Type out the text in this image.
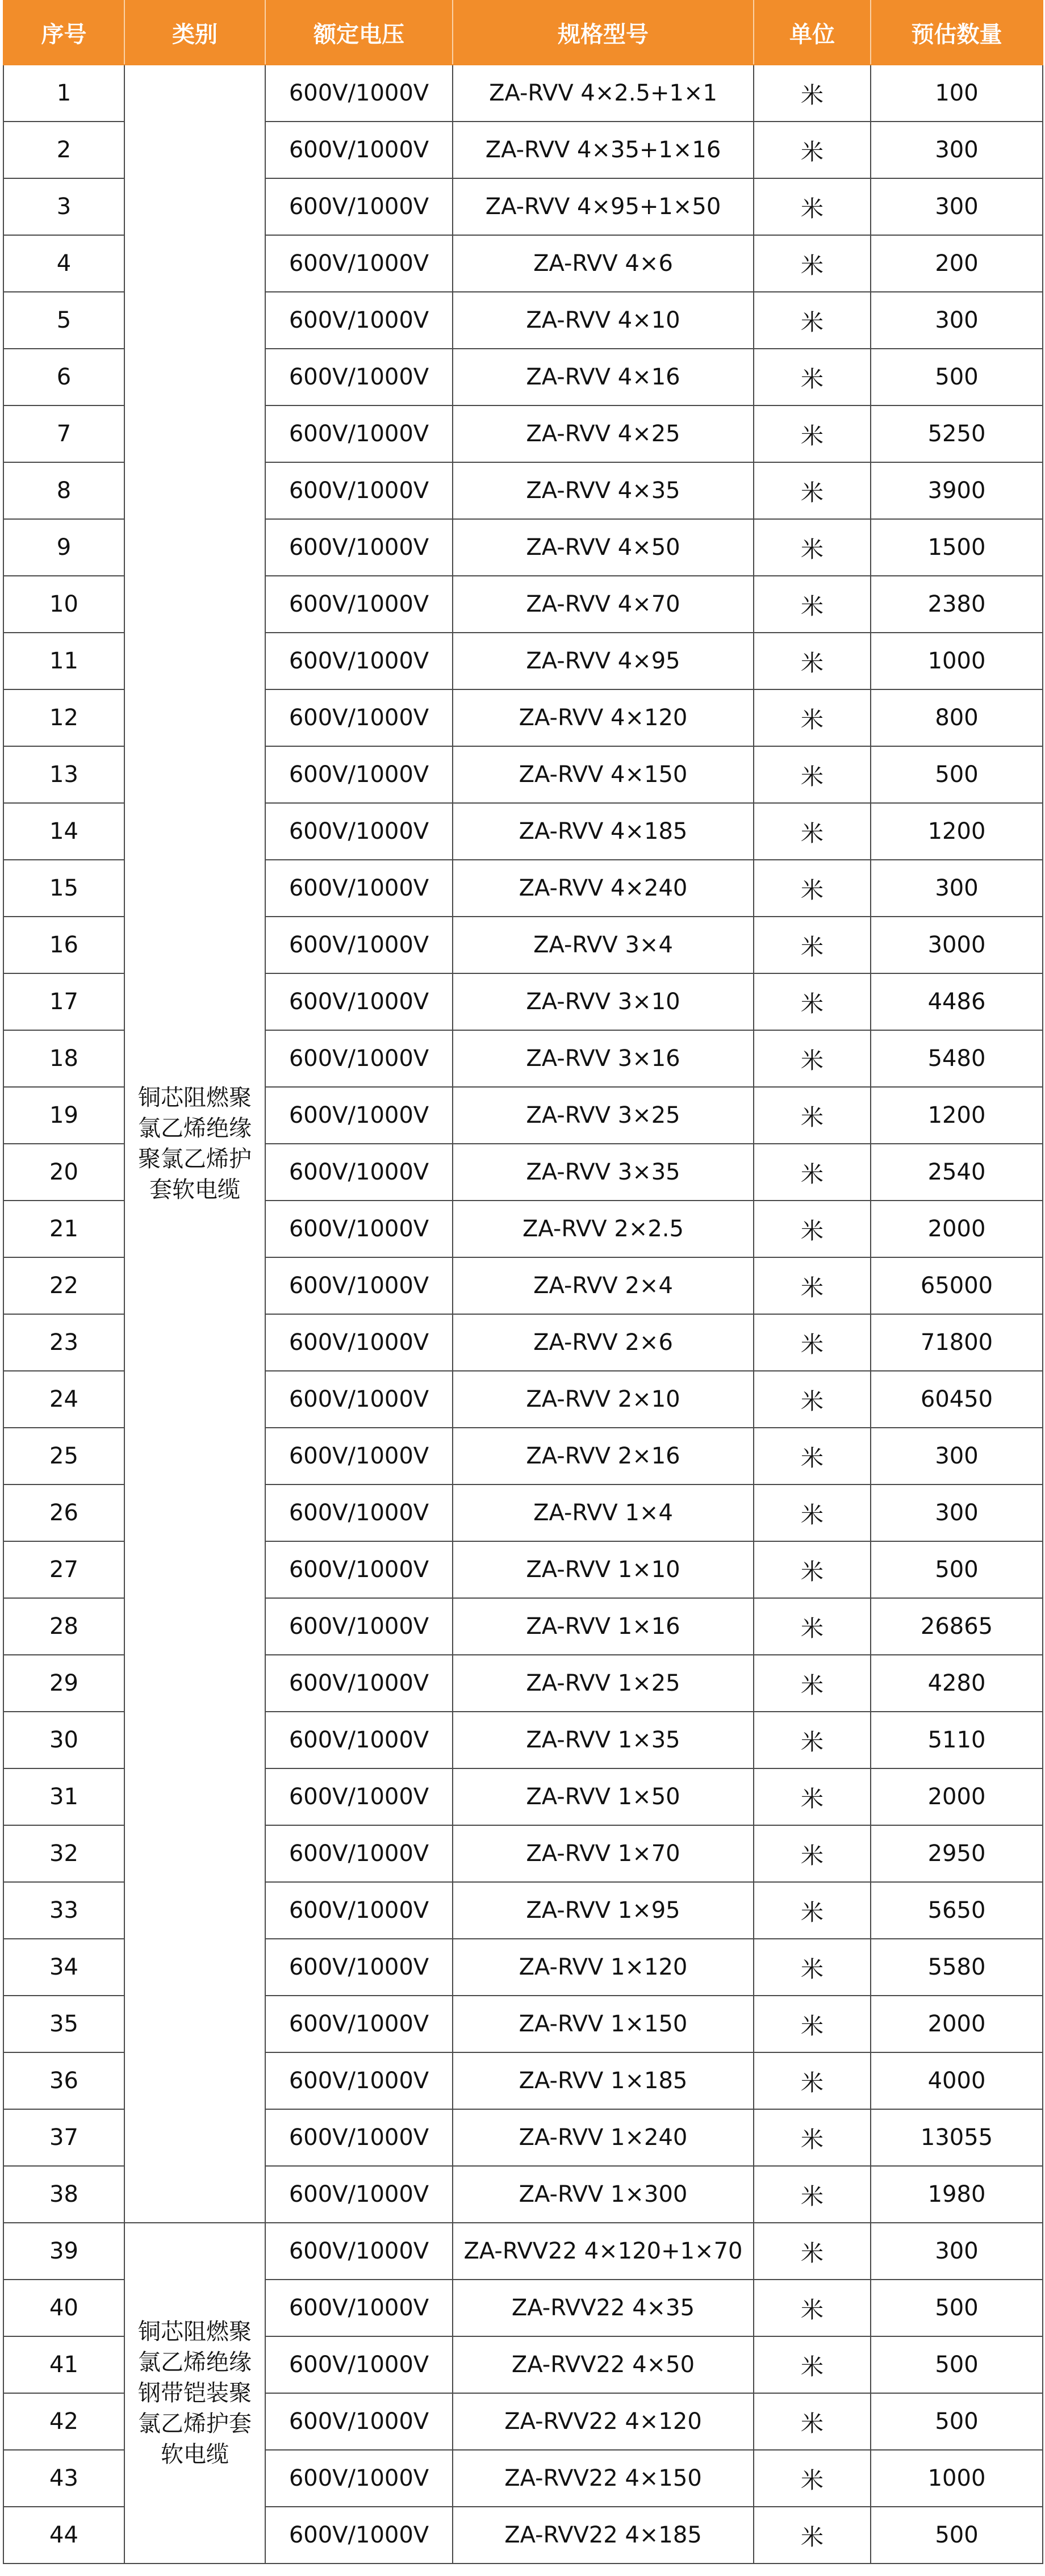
序号	类别	额定电压	规格型号	单位	预估数量
1	铜芯阻燃聚
氯乙烯绝缘
聚氯乙烯护
套软电缆	600V/1000V	ZA-RVV 4×2.5+1×1	米	100
2		600V/1000V	ZA-RVV 4×35+1×16	米	300
3		600V/1000V	ZA-RVV 4×95+1×50	米	300
4		600V/1000V	ZA-RVV 4×6	米	200
5		600V/1000V	ZA-RVV 4×10	米	300
6		600V/1000V	ZA-RVV 4×16	米	500
7		600V/1000V	ZA-RVV 4×25	米	5250
8		600V/1000V	ZA-RVV 4×35	米	3900
9		600V/1000V	ZA-RVV 4×50	米	1500
10		600V/1000V	ZA-RVV 4×70	米	2380
11		600V/1000V	ZA-RVV 4×95	米	1000
12		600V/1000V	ZA-RVV 4×120	米	800
13		600V/1000V	ZA-RVV 4×150	米	500
14		600V/1000V	ZA-RVV 4×185	米	1200
15		600V/1000V	ZA-RVV 4×240	米	300
16		600V/1000V	ZA-RVV 3×4	米	3000
17		600V/1000V	ZA-RVV 3×10	米	4486
18		600V/1000V	ZA-RVV 3×16	米	5480
19		600V/1000V	ZA-RVV 3×25	米	1200
20		600V/1000V	ZA-RVV 3×35	米	2540
21		600V/1000V	ZA-RVV 2×2.5	米	2000
22		600V/1000V	ZA-RVV 2×4	米	65000
23		600V/1000V	ZA-RVV 2×6	米	71800
24		600V/1000V	ZA-RVV 2×10	米	60450
25		600V/1000V	ZA-RVV 2×16	米	300
26		600V/1000V	ZA-RVV 1×4	米	300
27		600V/1000V	ZA-RVV 1×10	米	500
28		600V/1000V	ZA-RVV 1×16	米	26865
29		600V/1000V	ZA-RVV 1×25	米	4280
30		600V/1000V	ZA-RVV 1×35	米	5110
31		600V/1000V	ZA-RVV 1×50	米	2000
32		600V/1000V	ZA-RVV 1×70	米	2950
33		600V/1000V	ZA-RVV 1×95	米	5650
34		600V/1000V	ZA-RVV 1×120	米	5580
35		600V/1000V	ZA-RVV 1×150	米	2000
36		600V/1000V	ZA-RVV 1×185	米	4000
37		600V/1000V	ZA-RVV 1×240	米	13055
38		600V/1000V	ZA-RVV 1×300	米	1980
39	铜芯阻燃聚
氯乙烯绝缘
钢带铠装聚
氯乙烯护套
软电缆	600V/1000V	ZA-RVV22 4×120+1×70	米	300
40		600V/1000V	ZA-RVV22 4×35	米	500
41		600V/1000V	ZA-RVV22 4×50	米	500
42		600V/1000V	ZA-RVV22 4×120	米	500
43		600V/1000V	ZA-RVV22 4×150	米	1000
44		600V/1000V	ZA-RVV22 4×185	米	500
